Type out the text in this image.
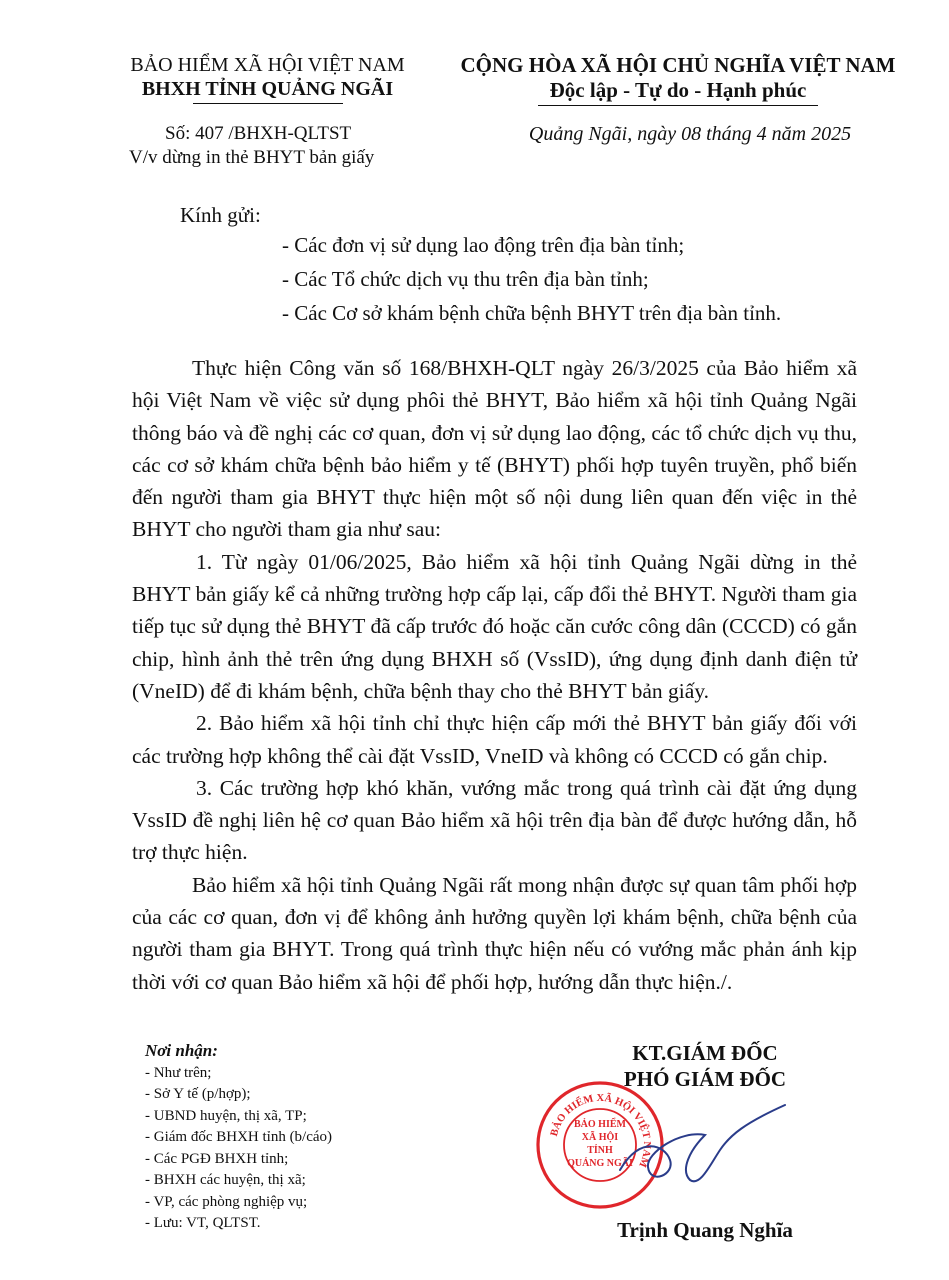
BẢO HIỂM XÃ HỘI VIỆT NAM
BHXH TỈNH QUẢNG NGÃI
CỘNG HÒA XÃ HỘI CHỦ NGHĨA VIỆT NAM
Độc lập - Tự do - Hạnh phúc
Số: 407 /BHXH-QLTST
V/v dừng in thẻ BHYT bản giấy
Quảng Ngãi, ngày 08 tháng 4 năm 2025
Kính gửi:
- Các đơn vị sử dụng lao động trên địa bàn tỉnh;
- Các Tổ chức dịch vụ thu trên địa bàn tỉnh;
- Các Cơ sở khám bệnh chữa bệnh BHYT trên địa bàn tỉnh.

Thực hiện Công văn số 168/BHXH-QLT ngày 26/3/2025 của Bảo hiểm xã hội Việt Nam về việc sử dụng phôi thẻ BHYT, Bảo hiểm xã hội tỉnh Quảng Ngãi thông báo và đề nghị các cơ quan, đơn vị sử dụng lao động, các tổ chức dịch vụ thu, các cơ sở khám chữa bệnh bảo hiểm y tế (BHYT) phối hợp tuyên truyền, phổ biến đến người tham gia BHYT thực hiện một số nội dung liên quan đến việc in thẻ BHYT cho người tham gia như sau:

1. Từ ngày 01/06/2025, Bảo hiểm xã hội tỉnh Quảng Ngãi dừng in thẻ BHYT bản giấy kể cả những trường hợp cấp lại, cấp đổi thẻ BHYT. Người tham gia tiếp tục sử dụng thẻ BHYT đã cấp trước đó hoặc căn cước công dân (CCCD) có gắn chip, hình ảnh thẻ trên ứng dụng BHXH số (VssID), ứng dụng định danh điện tử (VneID) để đi khám bệnh, chữa bệnh thay cho thẻ BHYT bản giấy.

2. Bảo hiểm xã hội tỉnh chỉ thực hiện cấp mới thẻ BHYT bản giấy đối với các trường hợp không thể cài đặt VssID, VneID và không có CCCD có gắn chip.

3. Các trường hợp khó khăn, vướng mắc trong quá trình cài đặt ứng dụng VssID đề nghị liên hệ cơ quan Bảo hiểm xã hội trên địa bàn để được hướng dẫn, hỗ trợ thực hiện.

Bảo hiểm xã hội tỉnh Quảng Ngãi rất mong nhận được sự quan tâm phối hợp của các cơ quan, đơn vị để không ảnh hưởng quyền lợi khám bệnh, chữa bệnh của người tham gia BHYT. Trong quá trình thực hiện nếu có vướng mắc phản ánh kịp thời với cơ quan Bảo hiểm xã hội để phối hợp, hướng dẫn thực hiện./.

Nơi nhận:
- Như trên;
- Sở Y tế (p/hợp);
- UBND huyện, thị xã, TP;
- Giám đốc BHXH tỉnh (b/cáo)
- Các PGĐ BHXH tỉnh;
- BHXH các huyện, thị xã;
- VP, các phòng nghiệp vụ;
- Lưu: VT, QLTST.
KT.GIÁM ĐỐC
PHÓ GIÁM ĐỐC
BẢO HIỂM XÃ HỘI VIỆT NAM
BẢO HIỂM
XÃ HỘI
TỈNH
QUẢNG NGÃI
Trịnh Quang Nghĩa
